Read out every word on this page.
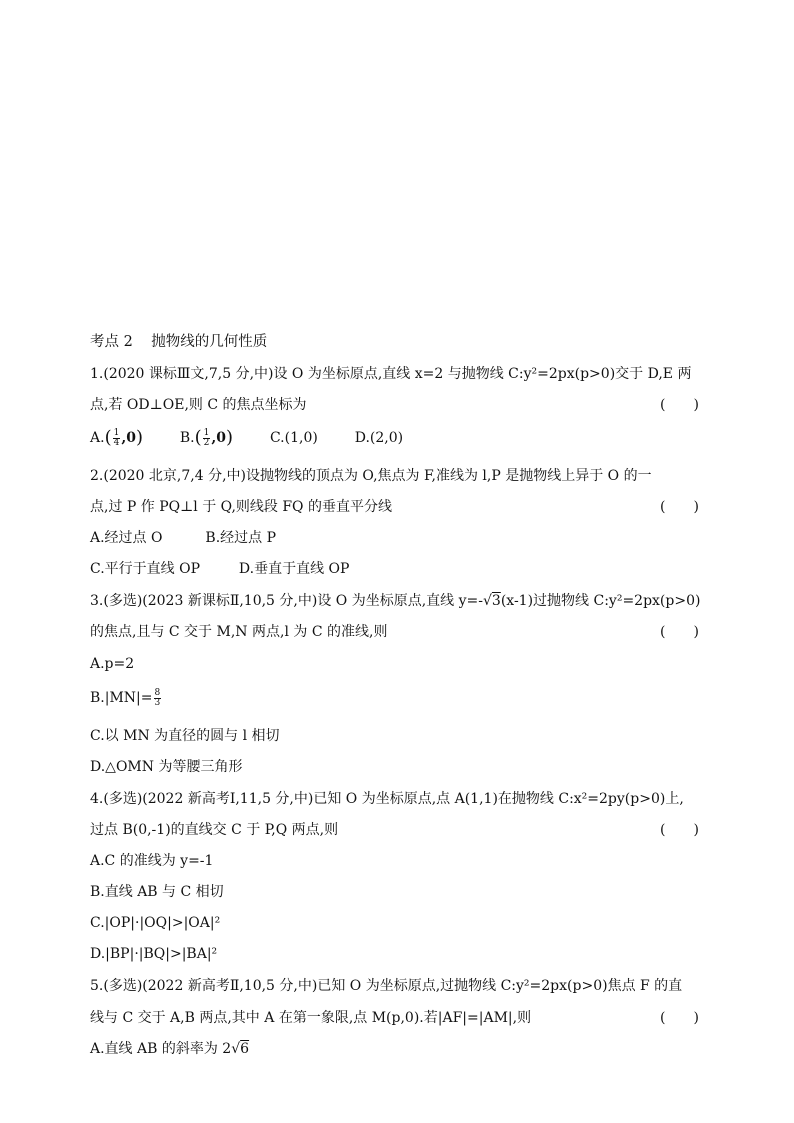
考点 2 抛物线的几何性质
1.(2020 课标Ⅲ文,7,5 分,中)设 O 为坐标原点,直线 x=2 与抛物线 C:y²=2px(p>0)交于 D,E 两
点,若 OD⊥OE,则 C 的焦点坐标为	(　　)
$A.( \frac{1}{4} ,0)$	$B.( \frac{1}{2} ,0)$	C.(1,0)	D.(2,0)
2.(2020 北京,7,4 分,中)设抛物线的顶点为 O,焦点为 F,准线为 l,P 是抛物线上异于 O 的一
点,过 P 作 PQ⊥l 于 Q,则线段 FQ 的垂直平分线	(　　)
A.经过点 O	B.经过点 P
C.平行于直线 OP	D.垂直于直线 OP
3.(多选)(2023 新课标Ⅱ,10,5 分,中)设 O 为坐标原点,直线 y=-√3(x-1)过抛物线 C:y²=2px(p>0)
的焦点,且与 C 交于 M,N 两点,l 为 C 的准线,则	(　　)
A.p=2
$B.|MN|= \frac{8}{3}$
C.以 MN 为直径的圆与 l 相切
D.△OMN 为等腰三角形
4.(多选)(2022 新高考Ⅰ,11,5 分,中)已知 O 为坐标原点,点 A(1,1)在抛物线 C:x²=2py(p>0)上,
过点 B(0,-1)的直线交 C 于 P,Q 两点,则	(　　)
A.C 的准线为 y=-1
B.直线 AB 与 C 相切
C.|OP|·|OQ|>|OA|²
D.|BP|·|BQ|>|BA|²
5.(多选)(2022 新高考Ⅱ,10,5 分,中)已知 O 为坐标原点,过抛物线 C:y²=2px(p>0)焦点 F 的直
线与 C 交于 A,B 两点,其中 A 在第一象限,点 M(p,0).若|AF|=|AM|,则	(　　)
A.直线 AB 的斜率为 2√6
